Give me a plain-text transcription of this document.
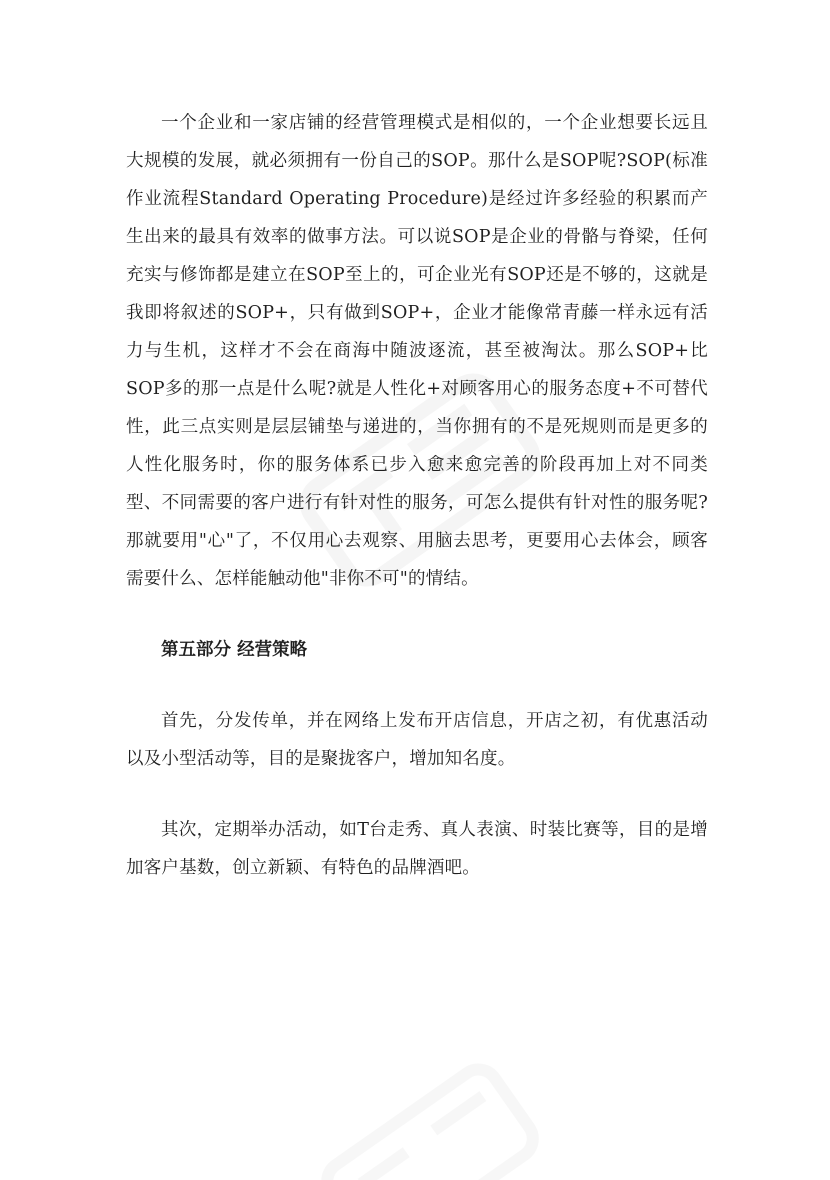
一个企业和一家店铺的经营管理模式是相似的，一个企业想要长远且大规模的发展，就必须拥有一份自己的SOP。那什么是SOP呢?SOP(标准作业流程Standard Operating Procedure)是经过许多经验的积累而产生出来的最具有效率的做事方法。可以说SOP是企业的骨骼与脊梁，任何充实与修饰都是建立在SOP至上的，可企业光有SOP还是不够的，这就是我即将叙述的SOP+，只有做到SOP+，企业才能像常青藤一样永远有活力与生机，这样才不会在商海中随波逐流，甚至被淘汰。那么SOP+比SOP多的那一点是什么呢?就是人性化+对顾客用心的服务态度+不可替代性，此三点实则是层层铺垫与递进的，当你拥有的不是死规则而是更多的人性化服务时，你的服务体系已步入愈来愈完善的阶段再加上对不同类型、不同需要的客户进行有针对性的服务，可怎么提供有针对性的服务呢?那就要用"心"了，不仅用心去观察、用脑去思考，更要用心去体会，顾客需要什么、怎样能触动他"非你不可"的情结。

第五部分 经营策略

首先，分发传单，并在网络上发布开店信息，开店之初，有优惠活动以及小型活动等，目的是聚拢客户，增加知名度。

其次，定期举办活动，如T台走秀、真人表演、时装比赛等，目的是增加客户基数，创立新颖、有特色的品牌酒吧。
